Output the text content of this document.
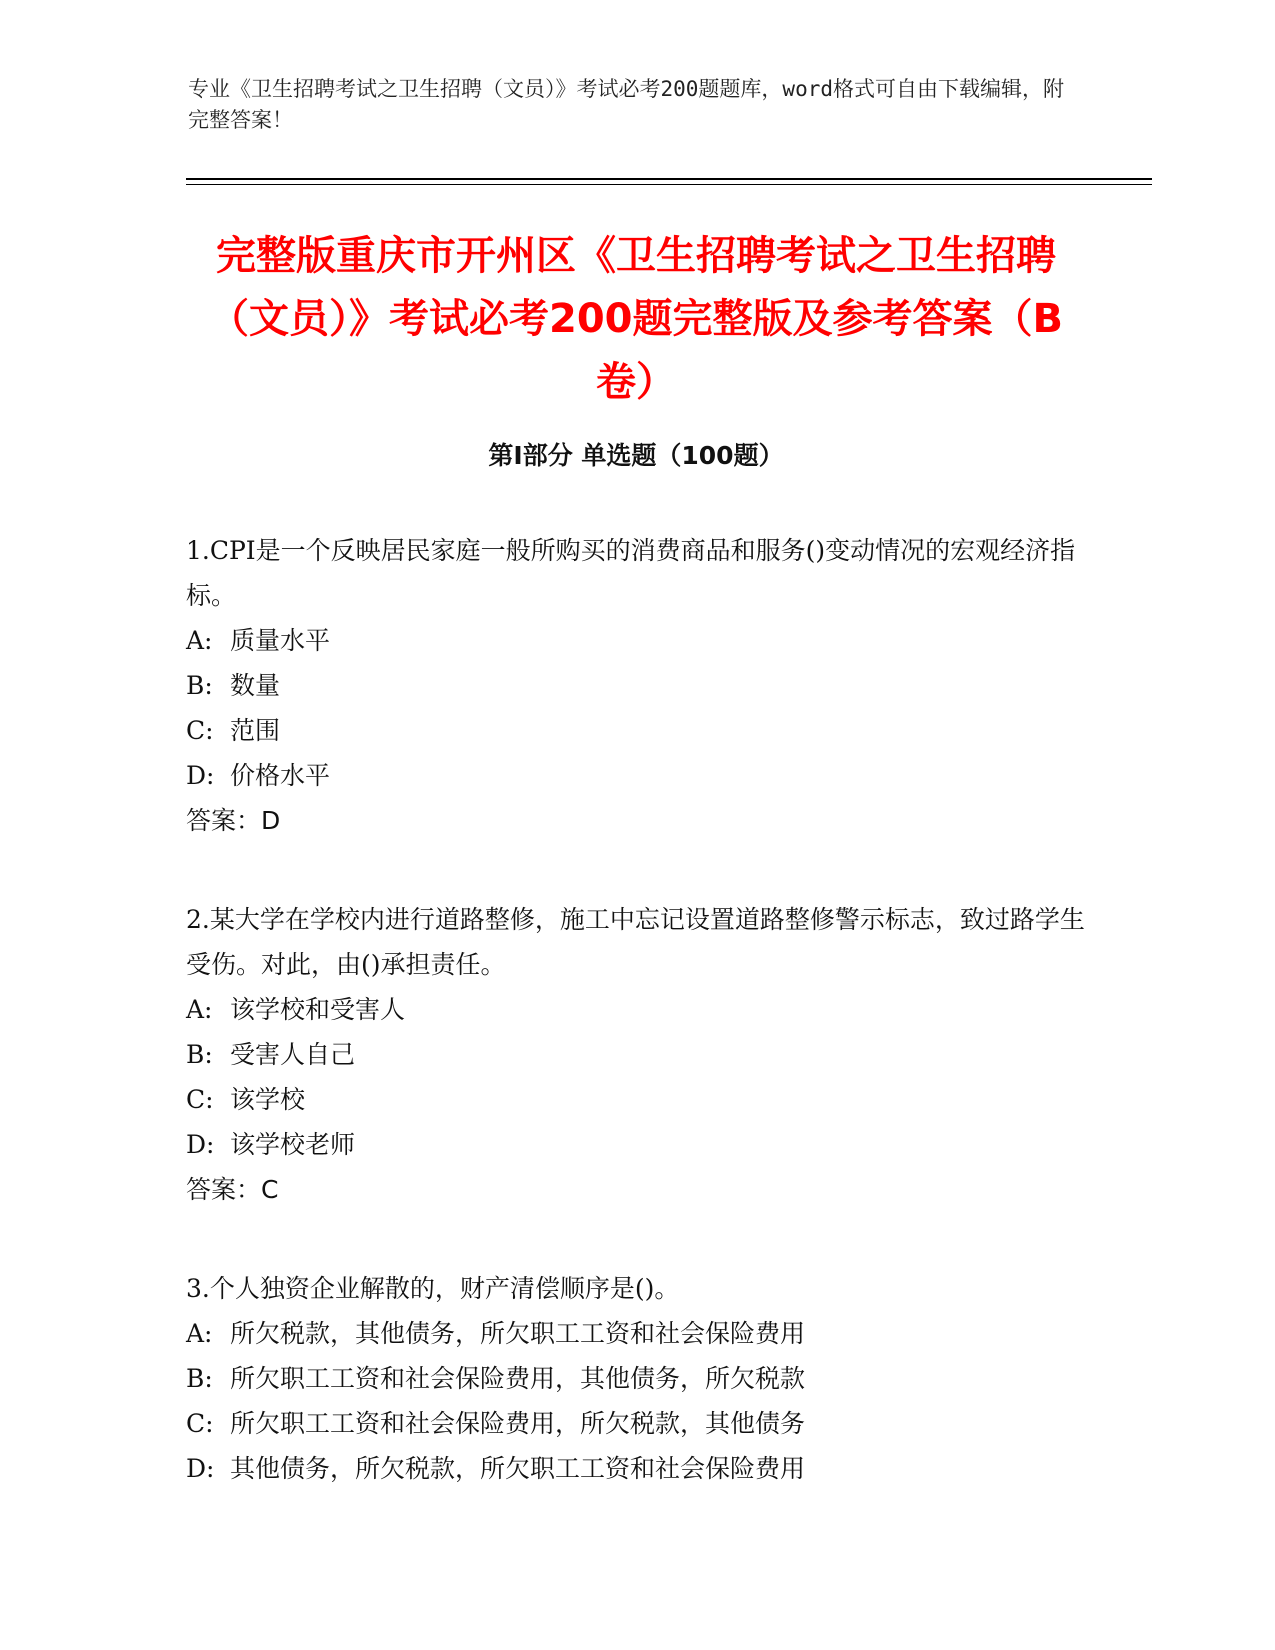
专业《卫生招聘考试之卫生招聘（文员）》考试必考200题题库，word格式可自由下载编辑，附完整答案！
完整版重庆市开州区《卫生招聘考试之卫生招聘（文员）》考试必考200题完整版及参考答案（B卷）
第Ⅰ部分 单选题（100题）

1.CPI是一个反映居民家庭一般所购买的消费商品和服务()变动情况的宏观经济指标。

A: 质量水平

B: 数量

C: 范围

D: 价格水平

答案：D

2.某大学在学校内进行道路整修，施工中忘记设置道路整修警示标志，致过路学生受伤。对此，由()承担责任。

A: 该学校和受害人

B: 受害人自己

C: 该学校

D: 该学校老师

答案：C

3.个人独资企业解散的，财产清偿顺序是()。

A: 所欠税款，其他债务，所欠职工工资和社会保险费用

B: 所欠职工工资和社会保险费用，其他债务，所欠税款

C: 所欠职工工资和社会保险费用，所欠税款，其他债务

D: 其他债务，所欠税款，所欠职工工资和社会保险费用
